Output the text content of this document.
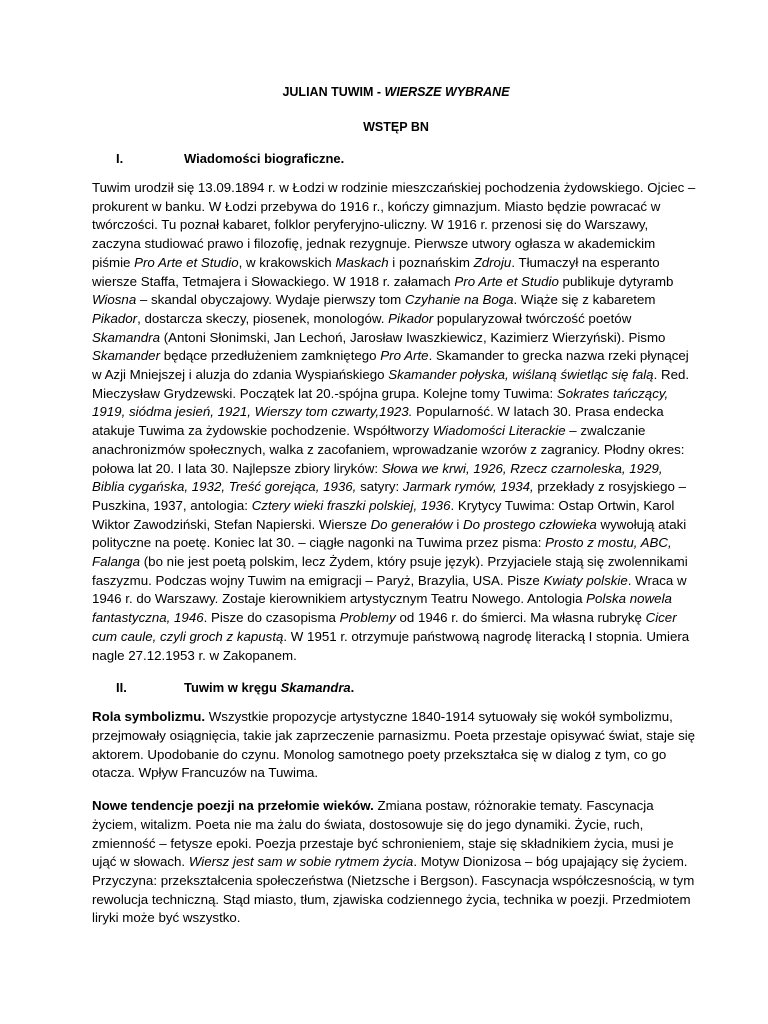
JULIAN TUWIM - WIERSZE WYBRANE
WSTĘP BN
I.	Wiadomości biograficzne.
Tuwim urodził się 13.09.1894 r. w Łodzi w rodzinie mieszczańskiej pochodzenia żydowskiego. Ojciec –
prokurent w banku. W Łodzi przebywa do 1916 r., kończy gimnazjum. Miasto będzie powracać w
twórczości. Tu poznał kabaret, folklor peryferyjno-uliczny. W 1916 r. przenosi się do Warszawy,
zaczyna studiować prawo i filozofię, jednak rezygnuje. Pierwsze utwory ogłasza w akademickim
piśmie Pro Arte et Studio, w krakowskich Maskach i poznańskim Zdroju. Tłumaczył na esperanto
wiersze Staffa, Tetmajera i Słowackiego. W 1918 r. załamach Pro Arte et Studio publikuje dytyramb
Wiosna – skandal obyczajowy. Wydaje pierwszy tom Czyhanie na Boga. Wiąże się z kabaretem
Pikador, dostarcza skeczy, piosenek, monologów. Pikador popularyzował twórczość poetów
Skamandra (Antoni Słonimski, Jan Lechoń, Jarosław Iwaszkiewicz, Kazimierz Wierzyński). Pismo
Skamander będące przedłużeniem zamkniętego Pro Arte. Skamander to grecka nazwa rzeki płynącej
w Azji Mniejszej i aluzja do zdania Wyspiańskiego Skamander połyska, wiślaną świetląc się falą. Red.
Mieczysław Grydzewski. Początek lat 20.-spójna grupa. Kolejne tomy Tuwima: Sokrates tańczący,
1919, siódma jesień, 1921, Wierszy tom czwarty,1923. Popularność. W latach 30. Prasa endecka
atakuje Tuwima za żydowskie pochodzenie. Współtworzy Wiadomości Literackie – zwalczanie
anachronizmów społecznych, walka z zacofaniem, wprowadzanie wzorów z zagranicy. Płodny okres:
połowa lat 20. I lata 30. Najlepsze zbiory liryków: Słowa we krwi, 1926, Rzecz czarnoleska, 1929,
Biblia cygańska, 1932, Treść gorejąca, 1936, satyry: Jarmark rymów, 1934, przekłady z rosyjskiego –
Puszkina, 1937, antologia: Cztery wieki fraszki polskiej, 1936. Krytycy Tuwima: Ostap Ortwin, Karol
Wiktor Zawodziński, Stefan Napierski. Wiersze Do generałów i Do prostego człowieka wywołują ataki
polityczne na poetę. Koniec lat 30. – ciągłe nagonki na Tuwima przez pisma: Prosto z mostu, ABC,
Falanga (bo nie jest poetą polskim, lecz Żydem, który psuje język). Przyjaciele stają się zwolennikami
faszyzmu. Podczas wojny Tuwim na emigracji – Paryż, Brazylia, USA. Pisze Kwiaty polskie. Wraca w
1946 r. do Warszawy. Zostaje kierownikiem artystycznym Teatru Nowego. Antologia Polska nowela
fantastyczna, 1946. Pisze do czasopisma Problemy od 1946 r. do śmierci. Ma własna rubrykę Cicer
cum caule, czyli groch z kapustą. W 1951 r. otrzymuje państwową nagrodę literacką I stopnia. Umiera
nagle 27.12.1953 r. w Zakopanem.
II.	Tuwim w kręgu Skamandra.
Rola symbolizmu. Wszystkie propozycje artystyczne 1840-1914 sytuowały się wokół symbolizmu,
przejmowały osiągnięcia, takie jak zaprzeczenie parnasizmu. Poeta przestaje opisywać świat, staje się
aktorem. Upodobanie do czynu. Monolog samotnego poety przekształca się w dialog z tym, co go
otacza. Wpływ Francuzów na Tuwima.
Nowe tendencje poezji na przełomie wieków. Zmiana postaw, różnorakie tematy. Fascynacja
życiem, witalizm. Poeta nie ma żalu do świata, dostosowuje się do jego dynamiki. Życie, ruch,
zmienność – fetysze epoki. Poezja przestaje być schronieniem, staje się składnikiem życia, musi je
ująć w słowach. Wiersz jest sam w sobie rytmem życia. Motyw Dionizosa – bóg upajający się życiem.
Przyczyna: przekształcenia społeczeństwa (Nietzsche i Bergson). Fascynacja współczesnością, w tym
rewolucja techniczną. Stąd miasto, tłum, zjawiska codziennego życia, technika w poezji. Przedmiotem
liryki może być wszystko.
